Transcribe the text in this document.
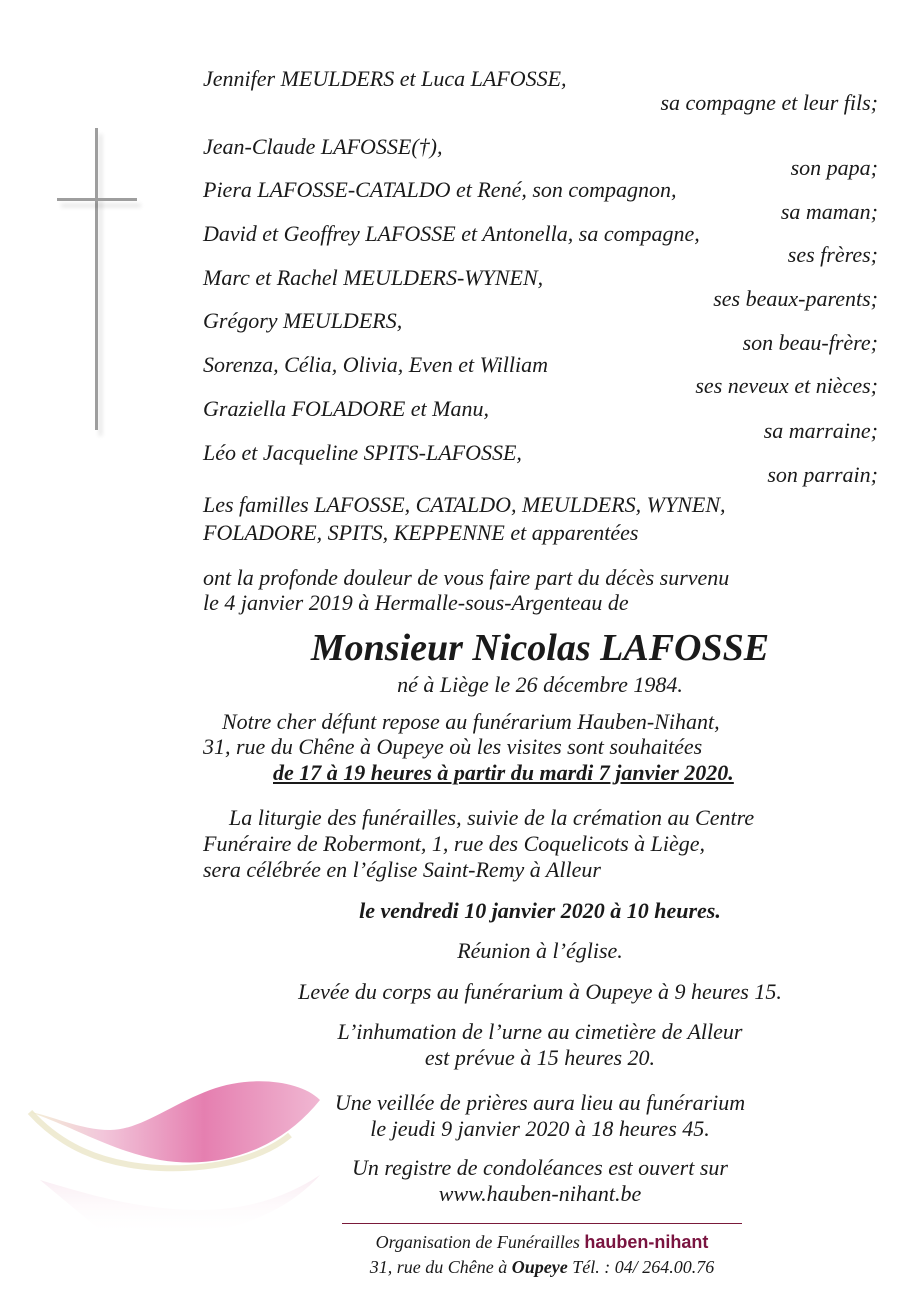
Jennifer MEULDERS et Luca LAFOSSE,
sa compagne et leur fils;
Jean-Claude LAFOSSE(†),
son papa;
Piera LAFOSSE-CATALDO et René, son compagnon,
sa maman;
David et Geoffrey LAFOSSE et Antonella, sa compagne,
ses frères;
Marc et Rachel MEULDERS-WYNEN,
ses beaux-parents;
Grégory MEULDERS,
son beau-frère;
Sorenza, Célia, Olivia, Even et William
ses neveux et nièces;
Graziella FOLADORE et Manu,
sa marraine;
Léo et Jacqueline SPITS-LAFOSSE,
son parrain;
Les familles LAFOSSE, CATALDO, MEULDERS, WYNEN,
FOLADORE, SPITS, KEPPENNE et apparentées
ont la profonde douleur de vous faire part du décès survenu
le 4 janvier 2019 à Hermalle-sous-Argenteau de
Monsieur Nicolas LAFOSSE
né à Liège le 26 décembre 1984.
Notre cher défunt repose au funérarium Hauben-Nihant,
31, rue du Chêne à Oupeye où les visites sont souhaitées
de 17 à 19 heures à partir du mardi 7 janvier 2020.
La liturgie des funérailles, suivie de la crémation au Centre
Funéraire de Robermont, 1, rue des Coquelicots à Liège,
sera célébrée en l’église Saint-Remy à Alleur
le vendredi 10 janvier 2020 à 10 heures.
Réunion à l’église.
Levée du corps au funérarium à Oupeye à 9 heures 15.
L’inhumation de l’urne au cimetière de Alleur
est prévue à 15 heures 20.
Une veillée de prières aura lieu au funérarium
le jeudi 9 janvier 2020 à 18 heures 45.
Un registre de condoléances est ouvert sur
www.hauben-nihant.be
Organisation de Funérailles hauben-nihant
31, rue du Chêne à Oupeye Tél. : 04/ 264.00.76
